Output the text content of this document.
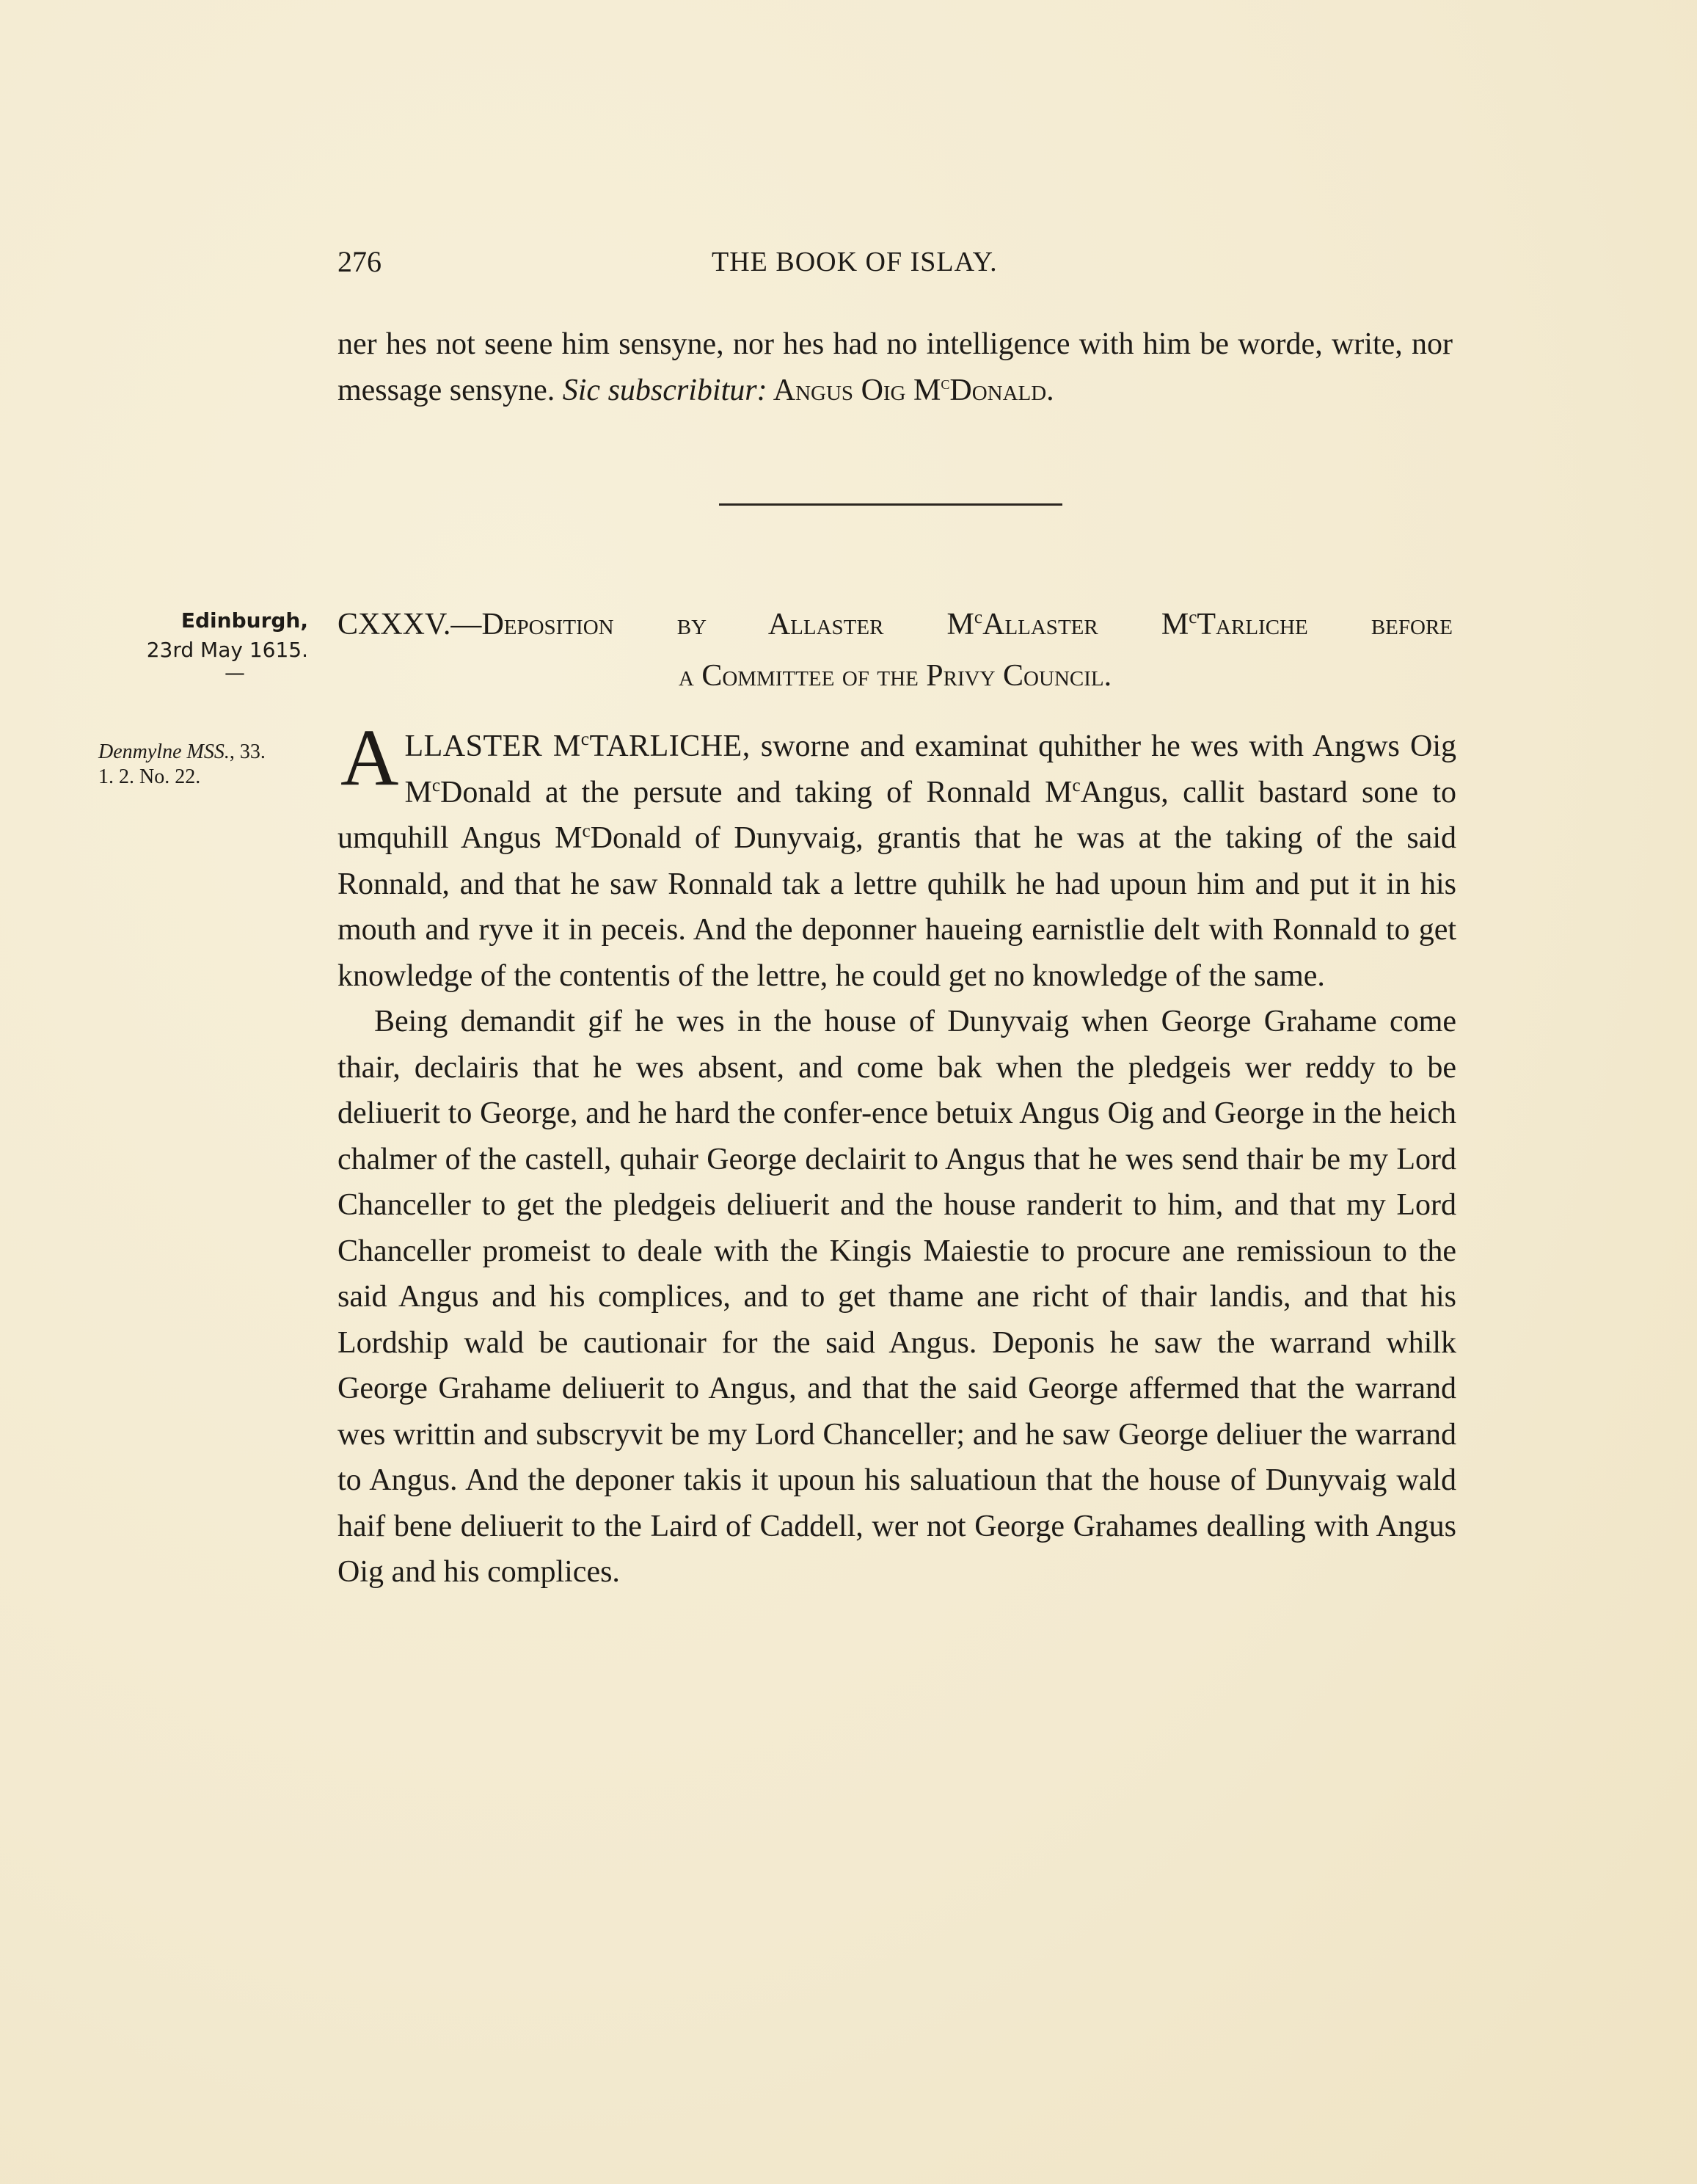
276	THE BOOK OF ISLAY.
ner hes not seene him sensyne, nor hes had no intelligence with him be worde, write, nor message sensyne. Sic subscribitur: Angus Oig $M^cDonald$.
Edinburgh,
23rd May 1615.
—
Denmylne MSS., 33.
1. 2. No. 22.
CXXXV.—Deposition by Allaster $M^cAllaster$ $M^cTarliche$ before
a Committee of the Privy Council.

ALLASTER $M^cTARLICHE$, sworne and examinat quhither he wes with Angws Oig $M^cDonald$ at the persute and taking of Ronnald $M^cAngus$, callit bastard sone to umquhill Angus $M^cDonald$ of Dunyvaig, grantis that he was at the taking of the said Ronnald, and that he saw Ronnald tak a lettre quhilk he had upoun him and put it in his mouth and ryve it in peceis. And the deponner haueing earnistlie delt with Ronnald to get knowledge of the contentis of the lettre, he could get no knowledge of the same.

Being demandit gif he wes in the house of Dunyvaig when George Grahame come thair, declairis that he wes absent, and come bak when the pledgeis wer reddy to be deliuerit to George, and he hard the confer-ence betuix Angus Oig and George in the heich chalmer of the castell, quhair George declairit to Angus that he wes send thair be my Lord Chanceller to get the pledgeis deliuerit and the house randerit to him, and that my Lord Chanceller promeist to deale with the Kingis Maiestie to procure ane remissioun to the said Angus and his complices, and to get thame ane richt of thair landis, and that his Lordship wald be cautionair for the said Angus. Deponis he saw the warrand whilk George Grahame deliuerit to Angus, and that the said George affermed that the warrand wes writtin and subscryvit be my Lord Chanceller; and he saw George deliuer the warrand to Angus. And the deponer takis it upoun his saluatioun that the house of Dunyvaig wald haif bene deliuerit to the Laird of Caddell, wer not George Grahames dealling with Angus Oig and his complices.
